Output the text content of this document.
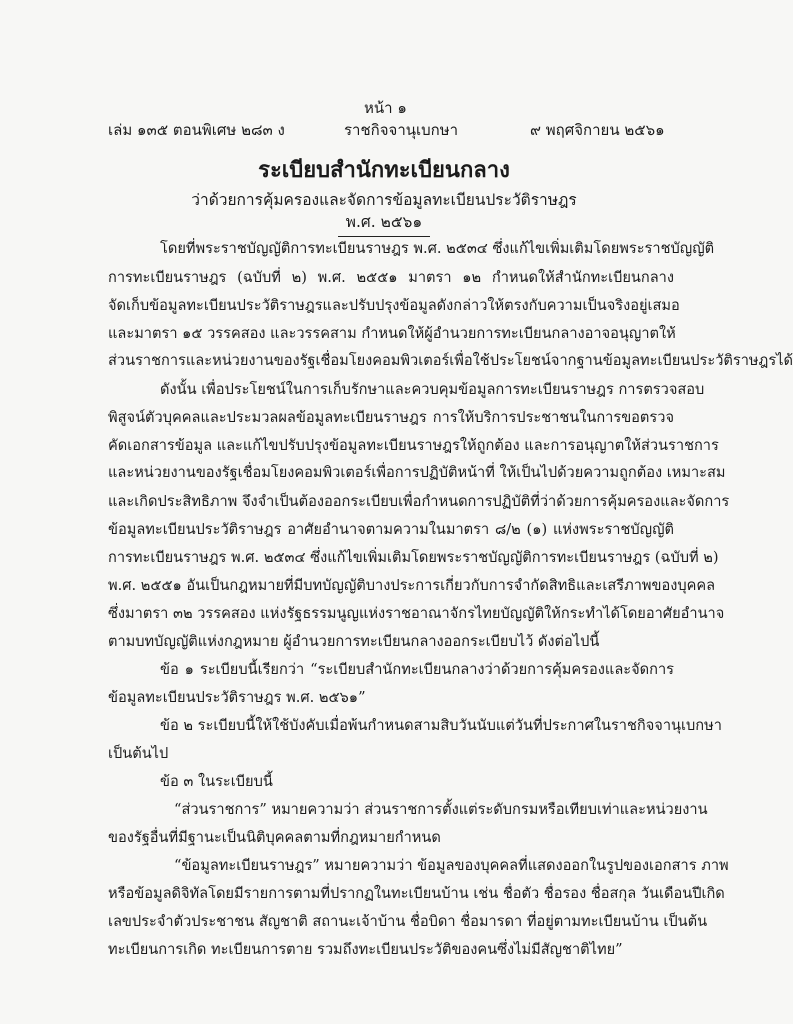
หน้า ๑
เล่ม ๑๓๕ ตอนพิเศษ ๒๘๓ ง	ราชกิจจานุเบกษา	๙ พฤศจิกายน ๒๕๖๑
ระเบียบสำนักทะเบียนกลาง
ว่าด้วยการคุ้มครองและจัดการข้อมูลทะเบียนประวัติราษฎร
พ.ศ. ๒๕๖๑
โดยที่พระราชบัญญัติการทะเบียนราษฎร พ.ศ. ๒๕๓๔ ซึ่งแก้ไขเพิ่มเติมโดยพระราชบัญญัติ
การทะเบียนราษฎร (ฉบับที่ ๒) พ.ศ. ๒๕๕๑ มาตรา ๑๒ กำหนดให้สำนักทะเบียนกลาง
จัดเก็บข้อมูลทะเบียนประวัติราษฎรและปรับปรุงข้อมูลดังกล่าวให้ตรงกับความเป็นจริงอยู่เสมอ
และมาตรา ๑๕ วรรคสอง และวรรคสาม กำหนดให้ผู้อำนวยการทะเบียนกลางอาจอนุญาตให้
ส่วนราชการและหน่วยงานของรัฐเชื่อมโยงคอมพิวเตอร์เพื่อใช้ประโยชน์จากฐานข้อมูลทะเบียนประวัติราษฎรได้
ดังนั้น เพื่อประโยชน์ในการเก็บรักษาและควบคุมข้อมูลการทะเบียนราษฎร การตรวจสอบ
พิสูจน์ตัวบุคคลและประมวลผลข้อมูลทะเบียนราษฎร การให้บริการประชาชนในการขอตรวจ
คัดเอกสารข้อมูล และแก้ไขปรับปรุงข้อมูลทะเบียนราษฎรให้ถูกต้อง และการอนุญาตให้ส่วนราชการ
และหน่วยงานของรัฐเชื่อมโยงคอมพิวเตอร์เพื่อการปฏิบัติหน้าที่ ให้เป็นไปด้วยความถูกต้อง เหมาะสม
และเกิดประสิทธิภาพ จึงจำเป็นต้องออกระเบียบเพื่อกำหนดการปฏิบัติที่ว่าด้วยการคุ้มครองและจัดการ
ข้อมูลทะเบียนประวัติราษฎร อาศัยอำนาจตามความในมาตรา ๘/๒ (๑) แห่งพระราชบัญญัติ
การทะเบียนราษฎร พ.ศ. ๒๕๓๔ ซึ่งแก้ไขเพิ่มเติมโดยพระราชบัญญัติการทะเบียนราษฎร (ฉบับที่ ๒)
พ.ศ. ๒๕๕๑ อันเป็นกฎหมายที่มีบทบัญญัติบางประการเกี่ยวกับการจำกัดสิทธิและเสรีภาพของบุคคล
ซึ่งมาตรา ๓๒ วรรคสอง แห่งรัฐธรรมนูญแห่งราชอาณาจักรไทยบัญญัติให้กระทำได้โดยอาศัยอำนาจ
ตามบทบัญญัติแห่งกฎหมาย ผู้อำนวยการทะเบียนกลางออกระเบียบไว้ ดังต่อไปนี้
ข้อ ๑ ระเบียบนี้เรียกว่า “ระเบียบสำนักทะเบียนกลางว่าด้วยการคุ้มครองและจัดการ
ข้อมูลทะเบียนประวัติราษฎร พ.ศ. ๒๕๖๑”
ข้อ ๒ ระเบียบนี้ให้ใช้บังคับเมื่อพ้นกำหนดสามสิบวันนับแต่วันที่ประกาศในราชกิจจานุเบกษา
เป็นต้นไป
ข้อ ๓ ในระเบียบนี้
“ส่วนราชการ” หมายความว่า ส่วนราชการตั้งแต่ระดับกรมหรือเทียบเท่าและหน่วยงาน
ของรัฐอื่นที่มีฐานะเป็นนิติบุคคลตามที่กฎหมายกำหนด
“ข้อมูลทะเบียนราษฎร” หมายความว่า ข้อมูลของบุคคลที่แสดงออกในรูปของเอกสาร ภาพ
หรือข้อมูลดิจิทัลโดยมีรายการตามที่ปรากฏในทะเบียนบ้าน เช่น ชื่อตัว ชื่อรอง ชื่อสกุล วันเดือนปีเกิด
เลขประจำตัวประชาชน สัญชาติ สถานะเจ้าบ้าน ชื่อบิดา ชื่อมารดา ที่อยู่ตามทะเบียนบ้าน เป็นต้น
ทะเบียนการเกิด ทะเบียนการตาย รวมถึงทะเบียนประวัติของคนซึ่งไม่มีสัญชาติไทย”
